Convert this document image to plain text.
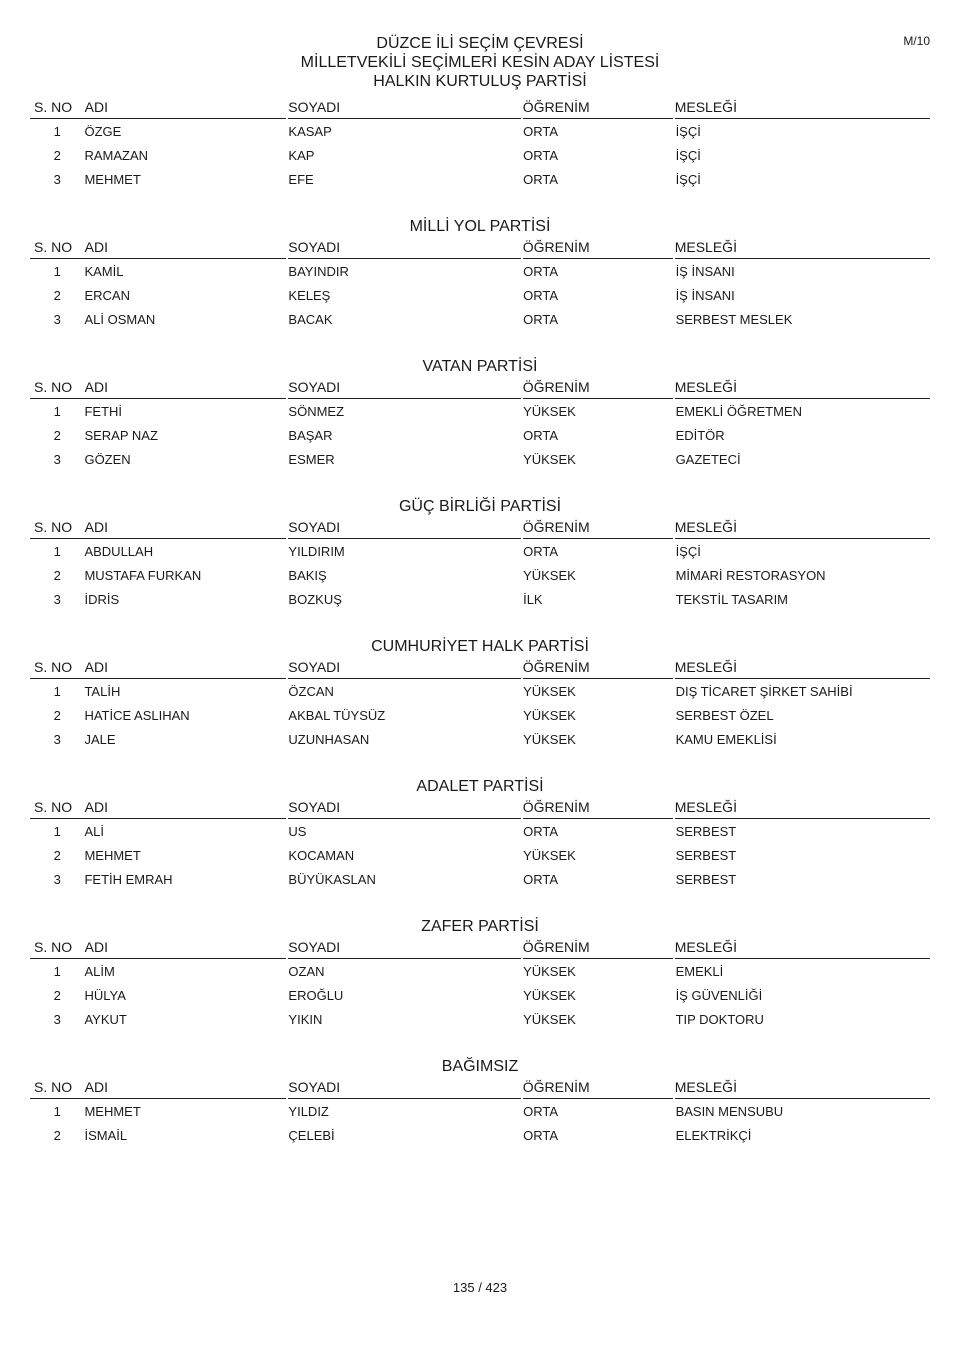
M/10
DÜZCE İLİ SEÇİM ÇEVRESİ
MİLLETVEKİLİ SEÇİMLERİ KESİN ADAY LİSTESİ
HALKIN KURTULUŞ PARTİSİ
S. NO ADI	SOYADI	ÖĞRENİM	MESLEĞİ
1	ÖZGE	KASAP	ORTA	İŞÇİ
2	RAMAZAN	KAP	ORTA	İŞÇİ
3	MEHMET	EFE	ORTA	İŞÇİ
MİLLİ YOL PARTİSİ
S. NO ADI	SOYADI	ÖĞRENİM	MESLEĞİ
1	KAMİL	BAYINDIR	ORTA	İŞ İNSANI
2	ERCAN	KELEŞ	ORTA	İŞ İNSANI
3	ALİ OSMAN	BACAK	ORTA	SERBEST MESLEK
VATAN PARTİSİ
S. NO ADI	SOYADI	ÖĞRENİM	MESLEĞİ
1	FETHİ	SÖNMEZ	YÜKSEK	EMEKLİ ÖĞRETMEN
2	SERAP NAZ	BAŞAR	ORTA	EDİTÖR
3	GÖZEN	ESMER	YÜKSEK	GAZETECİ
GÜÇ BİRLİĞİ PARTİSİ
S. NO ADI	SOYADI	ÖĞRENİM	MESLEĞİ
1	ABDULLAH	YILDIRIM	ORTA	İŞÇİ
2	MUSTAFA FURKAN	BAKIŞ	YÜKSEK	MİMARİ RESTORASYON
3	İDRİS	BOZKUŞ	İLK	TEKSTİL TASARIM
CUMHURİYET HALK PARTİSİ
S. NO ADI	SOYADI	ÖĞRENİM	MESLEĞİ
1	TALİH	ÖZCAN	YÜKSEK	DIŞ TİCARET ŞİRKET SAHİBİ
2	HATİCE ASLIHAN	AKBAL TÜYSÜZ	YÜKSEK	SERBEST ÖZEL
3	JALE	UZUNHASAN	YÜKSEK	KAMU EMEKLİSİ
ADALET PARTİSİ
S. NO ADI	SOYADI	ÖĞRENİM	MESLEĞİ
1	ALİ	US	ORTA	SERBEST
2	MEHMET	KOCAMAN	YÜKSEK	SERBEST
3	FETİH EMRAH	BÜYÜKASLAN	ORTA	SERBEST
ZAFER PARTİSİ
S. NO ADI	SOYADI	ÖĞRENİM	MESLEĞİ
1	ALİM	OZAN	YÜKSEK	EMEKLİ
2	HÜLYA	EROĞLU	YÜKSEK	İŞ GÜVENLİĞİ
3	AYKUT	YIKIN	YÜKSEK	TIP DOKTORU
BAĞIMSIZ
S. NO ADI	SOYADI	ÖĞRENİM	MESLEĞİ
1	MEHMET	YILDIZ	ORTA	BASIN MENSUBU
2	İSMAİL	ÇELEBİ	ORTA	ELEKTRİKÇİ
135 / 423
